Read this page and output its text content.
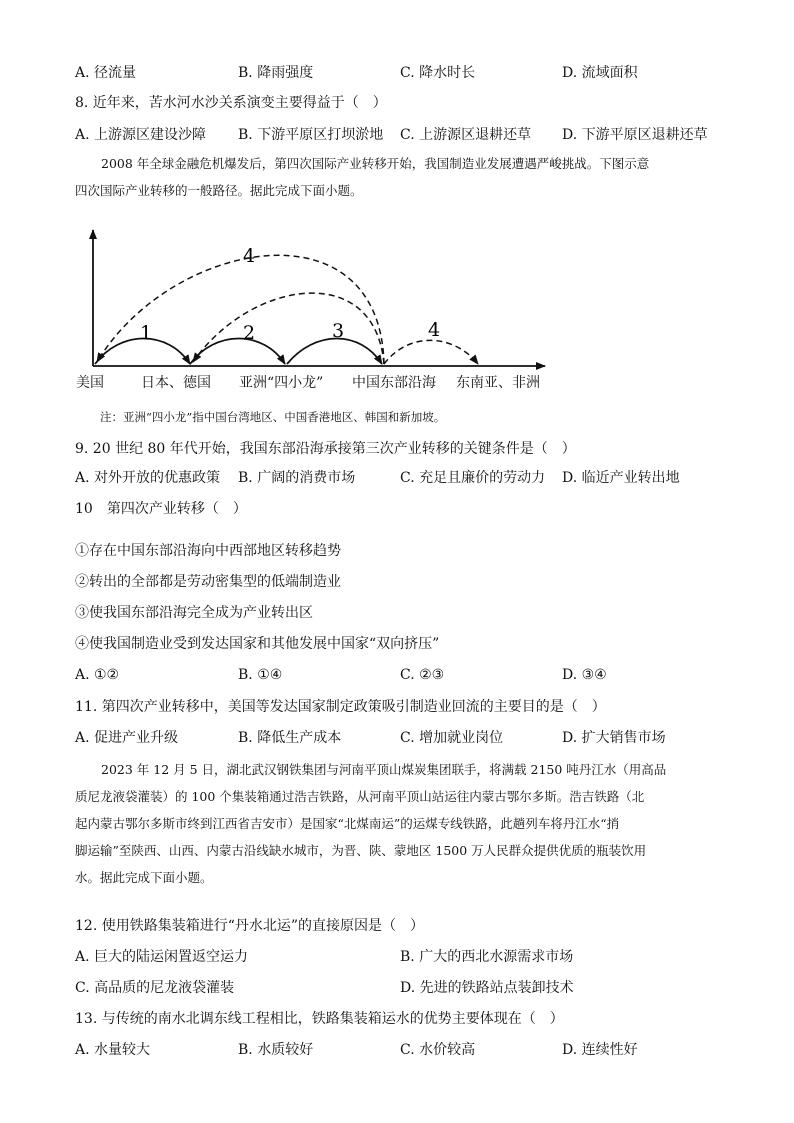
A. 径流量	B. 降雨强度	C. 降水时长	D. 流域面积
8. 近年来，苦水河水沙关系演变主要得益于（　）
A. 上游源区建设沙障 B. 下游平原区打坝淤地 C. 上游源区退耕还草 D. 下游平原区退耕还草
2008 年全球金融危机爆发后，第四次国际产业转移开始，我国制造业发展遭遇严峻挑战。下图示意
四次国际产业转移的一般路径。据此完成下面小题。
1	2	3
4
4
美国	日本、德国 亚洲“四小龙” 中国东部沿海 东南亚、非洲
注：亚洲“四小龙”指中国台湾地区、中国香港地区、韩国和新加坡。
9. 20 世纪 80 年代开始，我国东部沿海承接第三次产业转移的关键条件是（　）
A. 对外开放的优惠政策 B. 广阔的消费市场	C. 充足且廉价的劳动力 D. 临近产业转出地
10　第四次产业转移（　）
①存在中国东部沿海向中西部地区转移趋势
②转出的全部都是劳动密集型的低端制造业
③使我国东部沿海完全成为产业转出区
④使我国制造业受到发达国家和其他发展中国家“双向挤压”
A. ①②	B. ①④	C. ②③	D. ③④
11. 第四次产业转移中，美国等发达国家制定政策吸引制造业回流的主要目的是（　）
A. 促进产业升级	B. 降低生产成本	C. 增加就业岗位	D. 扩大销售市场
2023 年 12 月 5 日，湖北武汉钢铁集团与河南平顶山煤炭集团联手，将满载 2150 吨丹江水（用高品
质尼龙液袋灌装）的 100 个集装箱通过浩吉铁路，从河南平顶山站运往内蒙古鄂尔多斯。浩吉铁路（北
起内蒙古鄂尔多斯市终到江西省吉安市）是国家“北煤南运”的运煤专线铁路，此趟列车将丹江水“捎
脚运输”至陕西、山西、内蒙古沿线缺水城市，为晋、陕、蒙地区 1500 万人民群众提供优质的瓶装饮用
水。据此完成下面小题。
12. 使用铁路集装箱进行“丹水北运”的直接原因是（　）
A. 巨大的陆运闲置返空运力	B. 广大的西北水源需求市场
C. 高品质的尼龙液袋灌装	D. 先进的铁路站点装卸技术
13. 与传统的南水北调东线工程相比，铁路集装箱运水的优势主要体现在（　）
A. 水量较大	B. 水质较好	C. 水价较高	D. 连续性好
